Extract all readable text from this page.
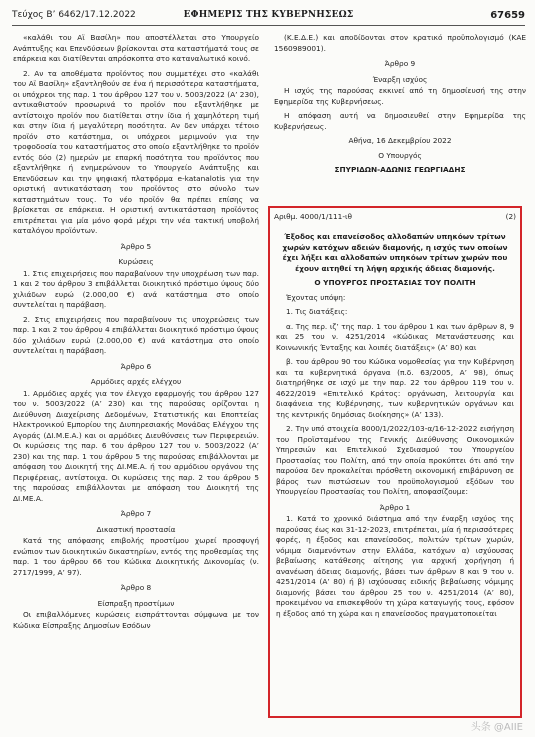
Τεύχος Β’ 6462/17.12.2022	ΕΦΗΜΕΡΙΣ ΤΗΣ ΚΥΒΕΡΝΗΣΕΩΣ	67659

«καλάθι του Αϊ Βασίλη» που αποστέλλεται στο Υπουργείο Ανάπτυξης και Επενδύσεων βρίσκονται στα καταστήματά τους σε επάρκεια και διατίθενται απρόσκοπτα στο καταναλωτικό κοινό.

2. Αν τα αποθέματα προϊόντος που συμμετέχει στο «καλάθι του Αϊ Βασίλη» εξαντληθούν σε ένα ή περισσότερα καταστήματα, οι υπόχρεοι της παρ. 1 του άρθρου 127 του ν. 5003/2022 (Α’ 230), αντικαθιστούν προσωρινά το προϊόν που εξαντλήθηκε με αντίστοιχο προϊόν που διατίθεται στην ίδια ή χαμηλότερη τιμή και στην ίδια ή μεγαλύτερη ποσότητα. Αν δεν υπάρχει τέτοιο προϊόν στο κατάστημα, οι υπόχρεοι μεριμνούν για την τροφοδοσία του καταστήματος στο οποίο εξαντλήθηκε το προϊόν εντός δύο (2) ημερών με επαρκή ποσότητα του προϊόντος που εξαντλήθηκε ή ενημερώνουν το Υπουργείο Ανάπτυξης και Επενδύσεων και την ψηφιακή πλατφόρμα e-katanalotis για την οριστική αντικατάσταση του προϊόντος στο σύνολο των καταστημάτων τους. Το νέο προϊόν θα πρέπει επίσης να βρίσκεται σε επάρκεια. Η οριστική αντικατάσταση προϊόντος επιτρέπεται για μία μόνο φορά μέχρι την νέα τακτική υποβολή καταλόγου προϊόντων.

Άρθρο 5

Κυρώσεις

1. Στις επιχειρήσεις που παραβαίνουν την υποχρέωση των παρ. 1 και 2 του άρθρου 3 επιβάλλεται διοικητικό πρόστιμο ύψους δύο χιλιάδων ευρώ (2.000,00 €) ανά κατάστημα στο οποίο συντελείται η παράβαση.

2. Στις επιχειρήσεις που παραβαίνουν τις υποχρεώσεις των παρ. 1 και 2 του άρθρου 4 επιβάλλεται διοικητικό πρόστιμο ύψους δύο χιλιάδων ευρώ (2.000,00 €) ανά κατάστημα στο οποίο συντελείται η παράβαση.

Άρθρο 6

Αρμόδιες αρχές ελέγχου

1. Αρμόδιες αρχές για τον έλεγχο εφαρμογής του άρθρου 127 του ν. 5003/2022 (Α’ 230) και της παρούσας ορίζονται η Διεύθυνση Διαχείρισης Δεδομένων, Στατιστικής και Εποπτείας Ηλεκτρονικού Εμπορίου της Διυπηρεσιακής Μονάδας Ελέγχου της Αγοράς (ΔΙ.Μ.Ε.Α.) και οι αρμόδιες Διευθύνσεις των Περιφερειών. Οι κυρώσεις της παρ. 6 του άρθρου 127 του ν. 5003/2022 (Α’ 230) και της παρ. 1 του άρθρου 5 της παρούσας επιβάλλονται με απόφαση του Διοικητή της ΔΙ.ΜΕ.Α. ή του αρμόδιου οργάνου της Περιφέρειας, αντίστοιχα. Οι κυρώσεις της παρ. 2 του άρθρου 5 της παρούσας επιβάλλονται με απόφαση του Διοικητή της ΔΙ.ΜΕ.Α.

Άρθρο 7

Δικαστική προστασία

Κατά της απόφασης επιβολής προστίμου χωρεί προσφυγή ενώπιον των διοικητικών δικαστηρίων, εντός της προθεσμίας της παρ. 1 του άρθρου 66 του Κώδικα Διοικητικής Δικονομίας (ν. 2717/1999, Α’ 97).

Άρθρο 8

Είσπραξη προστίμων

Οι επιβαλλόμενες κυρώσεις εισπράττονται σύμφωνα με τον Κώδικα Είσπραξης Δημοσίων Εσόδων

(Κ.Ε.Δ.Ε.) και αποδίδονται στον κρατικό προϋπολογισμό (ΚΑΕ 1560989001).

Άρθρο 9

Έναρξη ισχύος

Η ισχύς της παρούσας εκκινεί από τη δημοσίευσή της στην Εφημερίδα της Κυβερνήσεως.

Η απόφαση αυτή να δημοσιευθεί στην Εφημερίδα της Κυβερνήσεως.

Αθήνα, 16 Δεκεμβρίου 2022

Ο Υπουργός

ΣΠΥΡΙΔΩΝ-ΑΔΩΝΙΣ ΓΕΩΡΓΙΑΔΗΣ

Αριθμ. 4000/1/111-ιθ	(2)

Έξοδος και επανείσοδος αλλοδαπών υπηκόων τρίτων χωρών κατόχων αδειών διαμονής, η ισχύς των οποίων έχει λήξει και αλλοδαπών υπηκόων τρίτων χωρών που έχουν αιτηθεί τη λήψη αρχικής άδειας διαμονής.

Ο ΥΠΟΥΡΓΟΣ ΠΡΟΣΤΑΣΙΑΣ ΤΟΥ ΠΟΛΙΤΗ

Έχοντας υπόψη:

1. Τις διατάξεις:

α. Της περ. ιζ’ της παρ. 1 του άρθρου 1 και των άρθρων 8, 9 και 25 του ν. 4251/2014 «Κώδικας Μετανάστευσης και Κοινωνικής Ένταξης και λοιπές διατάξεις» (Α’ 80) και

β. του άρθρου 90 του Κώδικα νομοθεσίας για την Κυβέρνηση και τα κυβερνητικά όργανα (π.δ. 63/2005, Α’ 98), όπως διατηρήθηκε σε ισχύ με την παρ. 22 του άρθρου 119 του ν. 4622/2019 «Επιτελικό Κράτος: οργάνωση, λειτουργία και διαφάνεια της Κυβέρνησης, των κυβερνητικών οργάνων και της κεντρικής δημόσιας διοίκησης» (Α’ 133).

2. Την υπό στοιχεία 8000/1/2022/103-α/16-12-2022 εισήγηση του Προϊσταμένου της Γενικής Διεύθυνσης Οικονομικών Υπηρεσιών και Επιτελικού Σχεδιασμού του Υπουργείου Προστασίας του Πολίτη, από την οποία προκύπτει ότι από την παρούσα δεν προκαλείται πρόσθετη οικονομική επιβάρυνση σε βάρος των πιστώσεων του προϋπολογισμού εξόδων του Υπουργείου Προστασίας του Πολίτη, αποφασίζουμε:

Άρθρο 1

1. Κατά το χρονικό διάστημα από την έναρξη ισχύος της παρούσας έως και 31-12-2023, επιτρέπεται, μία ή περισσότερες φορές, η έξοδος και επανείσοδος, πολιτών τρίτων χωρών, νόμιμα διαμενόντων στην Ελλάδα, κατόχων α) ισχύουσας βεβαίωσης κατάθεσης αίτησης για αρχική χορήγηση ή ανανέωση άδειας διαμονής, βάσει των άρθρων 8 και 9 του ν. 4251/2014 (Α’ 80) ή β) ισχύουσας ειδικής βεβαίωσης νόμιμης διαμονής βάσει του άρθρου 25 του ν. 4251/2014 (Α’ 80), προκειμένου να επισκεφθούν τη χώρα καταγωγής τους, εφόσον η έξοδος από τη χώρα και η επανείσοδος πραγματοποιείται

头条 @ΑΙΙΕ
